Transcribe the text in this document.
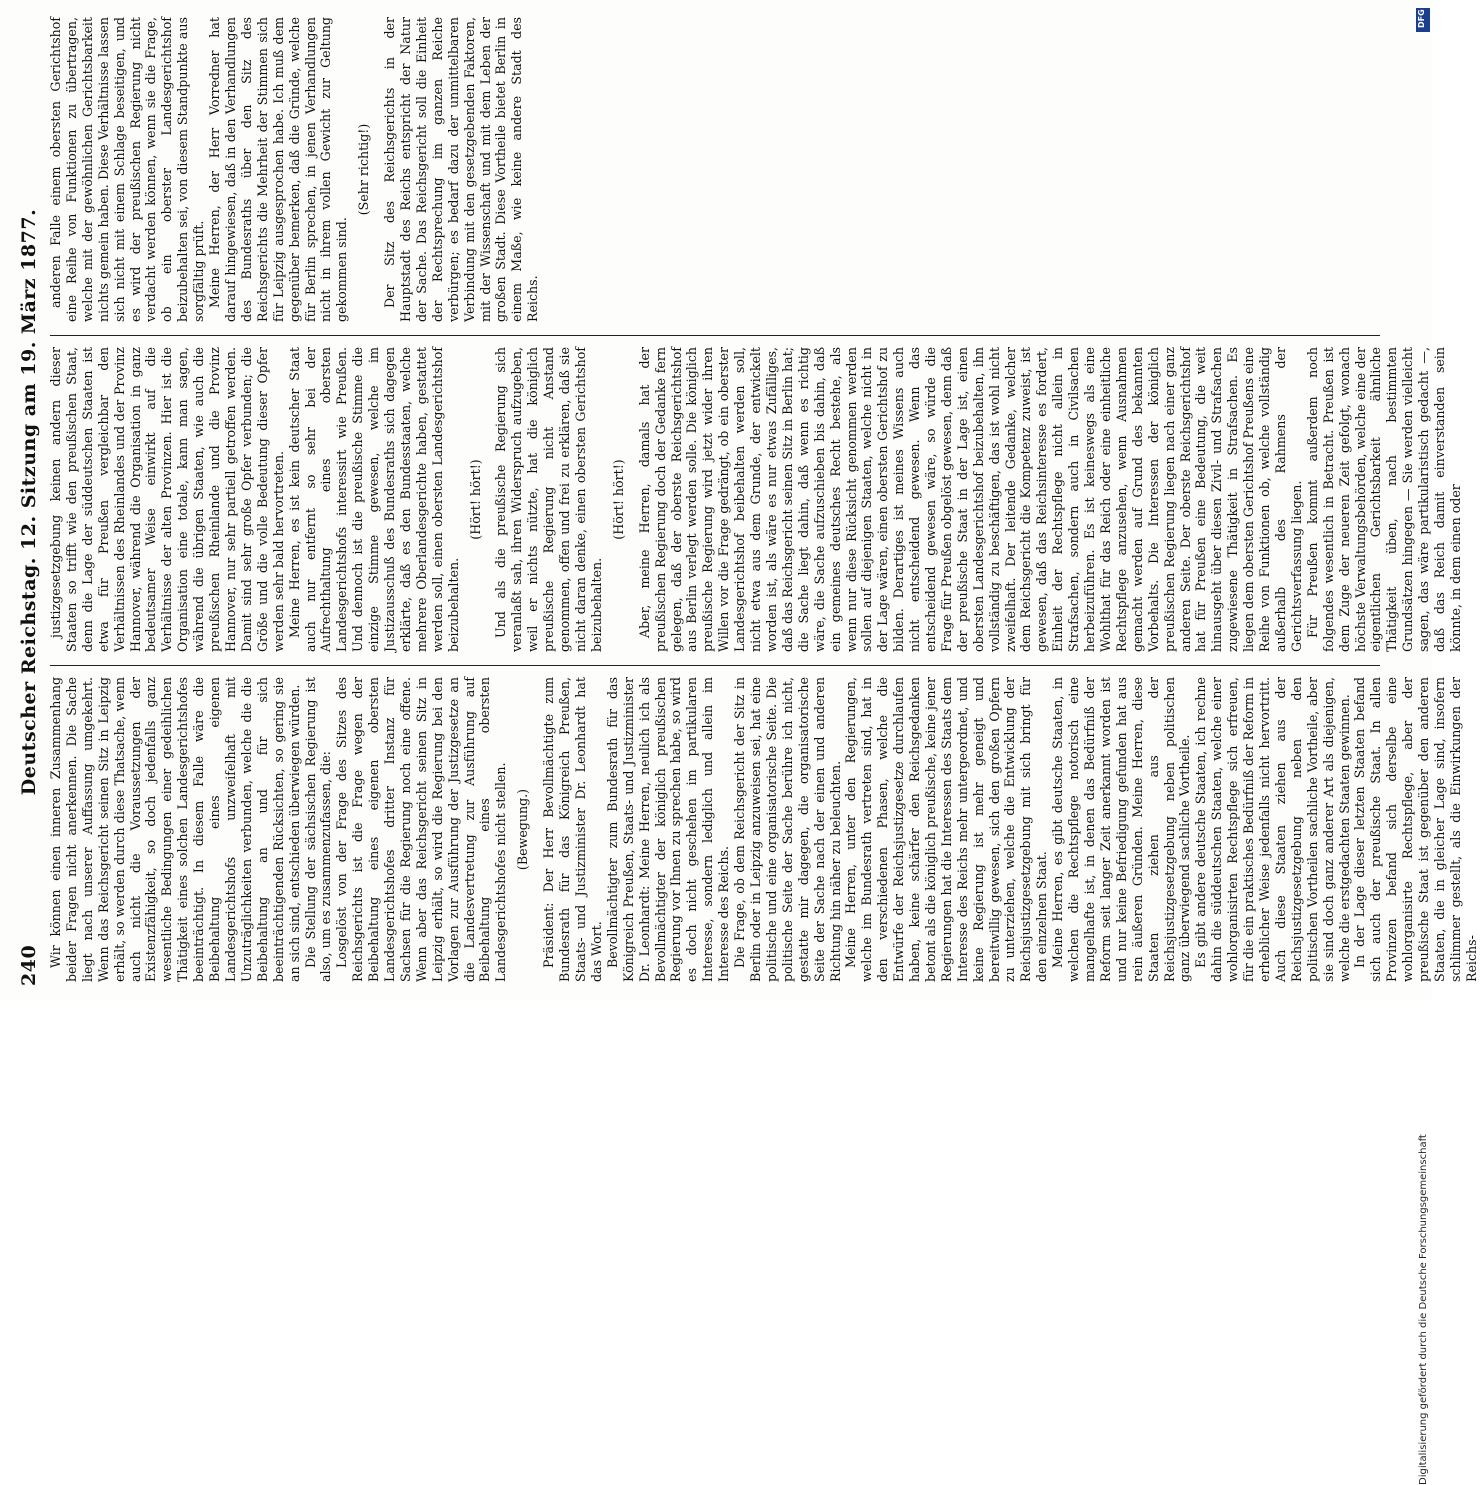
240
Deutscher Reichstag. 12. Sitzung am 19. März 1877.

Wir können einen inneren Zusammenhang beider Fragen nicht anerkennen. Die Sache liegt nach unserer Auffassung umgekehrt. Wenn das Reichsgericht seinen Sitz in Leipzig erhält, so werden durch diese Thatsache, wenn auch nicht die Voraussetzungen der Existenzfähigkeit, so doch jedenfalls ganz wesentliche Bedingungen einer gedeihlichen Thätigkeit eines solchen Landesgerichtshofes beeinträchtigt. In diesem Falle wäre die Beibehaltung eines eigenen Landesgerichtshofs unzweifelhaft mit Unzuträglichkeiten verbunden, welche die die Beibehaltung an und für sich beeinträchtigenden Rücksichten, so gering sie an sich sind, entschieden überwiegen würden. Die Stellung der sächsischen Regierung ist also, um es zusammenzufassen, die: Losgelöst von der Frage des Sitzes des Reichsgerichts ist die Frage wegen der Beibehaltung eines eigenen obersten Landesgerichtshofes dritter Instanz für Sachsen für die Regierung noch eine offene. Wenn aber das Reichsgericht seinen Sitz in Leipzig erhält, so wird die Regierung bei den Vorlagen zur Ausführung der Justizgesetze an die Landesvertretung zur Ausführung auf Beibehaltung eines obersten Landesgerichtshofes nicht stellen. (Bewegung.) Präsident: Der Herr Bevollmächtigte zum Bundesrath für das Königreich Preußen, Staats- und Justizminister Dr. Leonhardt hat das Wort. Bevollmächtigter zum Bundesrath für das Königreich Preußen, Staats- und Justizminister Dr. Leonhardt: Meine Herren, neulich ich als Bevollmächtigter der königlich preußischen Regierung vor Ihnen zu sprechen habe, so wird es doch nicht geschehen im partikularen Interesse, sondern lediglich und allein im Interesse des Reichs. Die Frage, ob dem Reichsgericht der Sitz in Berlin oder in Leipzig anzuweisen sei, hat eine politische und eine organisatorische Seite. Die politische Seite der Sache berühre ich nicht, gestatte mir dagegen, die organisatorische Seite der Sache nach der einen und anderen Richtung hin näher zu beleuchten. Meine Herren, unter den Regierungen, welche im Bundesrath vertreten sind, hat in den verschiedenen Phasen, welche die Entwürfe der Reichsjustizgesetze durchlaufen haben, keine schärfer den Reichsgedanken betont als die königlich preußische, keine jener Regierungen hat die Interessen des Staats dem Interesse des Reichs mehr untergeordnet, und keine Regierung ist mehr geneigt und bereitwillig gewesen, sich den großen Opfern zu unterziehen, welche die Entwicklung der Reichsjustizgesetzgebung mit sich bringt für den einzelnen Staat. Meine Herren, es gibt deutsche Staaten, in welchen die Rechtspflege notorisch eine mangelhafte ist, in denen das Bedürfniß der Reform seit langer Zeit anerkannt worden ist und nur keine Befriedigung gefunden hat aus rein äußeren Gründen. Meine Herren, diese Staaten ziehen aus der Reichsjustizgesetzgebung neben politischen ganz überwiegend sachliche Vortheile. Es gibt andere deutsche Staaten, ich rechne dahin die süddeutschen Staaten, welche einer wohlorganisirten Rechtspflege sich erfreuen, für die ein praktisches Bedürfniß der Reform in erheblicher Weise jedenfalls nicht hervortritt. Auch diese Staaten ziehen aus der Reichsjustizgesetzgebung neben den politischen Vortheilen sachliche Vortheile, aber sie sind doch ganz anderer Art als diejenigen, welche die erstgedachten Staaten gewinnen. In der Lage dieser letzten Staaten befand sich auch der preußische Staat. In allen Provinzen befand sich derselbe eine wohlorganisirte Rechtspflege, aber der preußische Staat ist gegenüber den anderen Staaten, die in gleicher Lage sind, insofern schlimmer gestellt, als die Einwirkungen der Reichs-

justizgesetzgebung keinen andern dieser Staaten so trifft wie den preußischen Staat, denn die Lage der süddeutschen Staaten ist etwa für Preußen vergleichbar den Verhältnissen des Rheinlandes und der Provinz Hannover, während die Organisation in ganz bedeutsamer Weise einwirkt auf die Verhältnisse der alten Provinzen. Hier ist die Organisation eine totale, kann man sagen, während die übrigen Staaten, wie auch die preußischen Rheinlande und die Provinz Hannover, nur sehr partiell getroffen werden. Damit sind sehr große Opfer verbunden; die Größe und die volle Bedeutung dieser Opfer werden sehr bald hervortreten. Meine Herren, es ist kein deutscher Staat auch nur entfernt so sehr bei der Aufrechthaltung eines obersten Landesgerichtshofs interessirt wie Preußen. Und dennoch ist die preußische Stimme die einzige Stimme gewesen, welche im Justizausschuß des Bundesraths sich dagegen erklärte, daß es den Bundesstaaten, welche mehrere Oberlandesgerichte haben, gestattet werden soll, einen obersten Landesgerichtshof beizubehalten.

(Hört! hört!) Und als die preußische Regierung sich veranlaßt sah, ihren Widerspruch aufzugeben, weil er nichts nützte, hat die königlich preußische Regierung nicht Anstand genommen, offen und frei zu erklären, daß sie nicht daran denke, einen obersten Gerichtshof beizubehalten.

(Hört! hört!) Aber, meine Herren, damals hat der preußischen Regierung doch der Gedanke fern gelegen, daß der oberste Reichsgerichtshof aus Berlin verlegt werden solle. Die königlich preußische Regierung wird jetzt wider ihren Willen vor die Frage gedrängt, ob ein oberster Landesgerichtshof beibehalten werden soll, nicht etwa aus dem Grunde, der entwickelt worden ist, als wäre es nur etwas Zufälliges, daß das Reichsgericht seinen Sitz in Berlin hat; die Sache liegt dahin, daß wenn es richtig wäre, die Sache aufzuschieben bis dahin, daß ein gemeines deutsches Recht bestehe, als wenn nur diese Rücksicht genommen werden sollen auf diejenigen Staaten, welche nicht in der Lage wären, einen obersten Gerichtshof zu bilden. Derartiges ist meines Wissens auch nicht entscheidend gewesen. Wenn das entscheidend gewesen wäre, so würde die Frage für Preußen obgelöst gewesen, denn daß der preußische Staat in der Lage ist, einen obersten Landesgerichtshof beizubehalten, ihn vollständig zu beschäftigen, das ist wohl nicht zweifelhaft. Der leitende Gedanke, welcher dem Reichsgericht die Kompetenz zuweist, ist gewesen, daß das Reichsinteresse es fordert, Einheit der Rechtspflege nicht allein in Strafsachen, sondern auch in Civilsachen herbeizuführen. Es ist keineswegs als eine Wohlthat für das Reich oder eine einheitliche Rechtspflege anzusehen, wenn Ausnahmen gemacht werden auf Grund des bekannten Vorbehalts. Die Interessen der königlich preußischen Regierung liegen nach einer ganz anderen Seite. Der oberste Reichsgerichtshof hat für Preußen eine Bedeutung, die weit hinausgeht über diesen Zivil- und Strafsachen zugewiesene Thätigkeit in Strafsachen. Es liegen dem obersten Gerichtshof Preußens eine Reihe von Funktionen ob, welche vollständig außerhalb des Rahmens der Gerichtsverfassung liegen. Für Preußen kommt außerdem noch folgendes wesentlich in Betracht. Preußen ist dem Zuge der neueren Zeit gefolgt, wonach höchste Verwaltungsbehörden, welche eine der eigentlichen Gerichtsbarkeit ähnliche Thätigkeit üben, nach bestimmten Grundsätzen hingegen — Sie werden vielleicht sagen, das wäre partikularistisch gedacht —, daß das Reich damit einverstanden sein könnte, in dem einen oder

anderen Falle einem obersten Gerichtshof eine Reihe von Funktionen zu übertragen, welche mit der gewöhnlichen Gerichtsbarkeit nichts gemein haben. Diese Verhältnisse lassen sich nicht mit einem Schlage beseitigen, und es wird der preußischen Regierung nicht verdacht werden können, wenn sie die Frage, ob ein oberster Landesgerichtshof beizubehalten sei, von diesem Standpunkte aus sorgfältig prüft. Meine Herren, der Herr Vorredner hat darauf hingewiesen, daß in den Verhandlungen des Bundesraths über den Sitz des Reichsgerichts die Mehrheit der Stimmen sich für Leipzig ausgesprochen habe. Ich muß dem gegenüber bemerken, daß die Gründe, welche für Berlin sprechen, in jenen Verhandlungen nicht in ihrem vollen Gewicht zur Geltung gekommen sind.

(Sehr richtig!) Der Sitz des Reichsgerichts in der Hauptstadt des Reichs entspricht der Natur der Sache. Das Reichsgericht soll die Einheit der Rechtsprechung im ganzen Reiche verbürgen; es bedarf dazu der unmittelbaren Verbindung mit den gesetzgebenden Faktoren, mit der Wissenschaft und mit dem Leben der großen Stadt. Diese Vortheile bietet Berlin in einem Maße, wie keine andere Stadt des Reichs.

DFG
Digitalisierung gefördert durch die Deutsche Forschungsgemeinschaft
